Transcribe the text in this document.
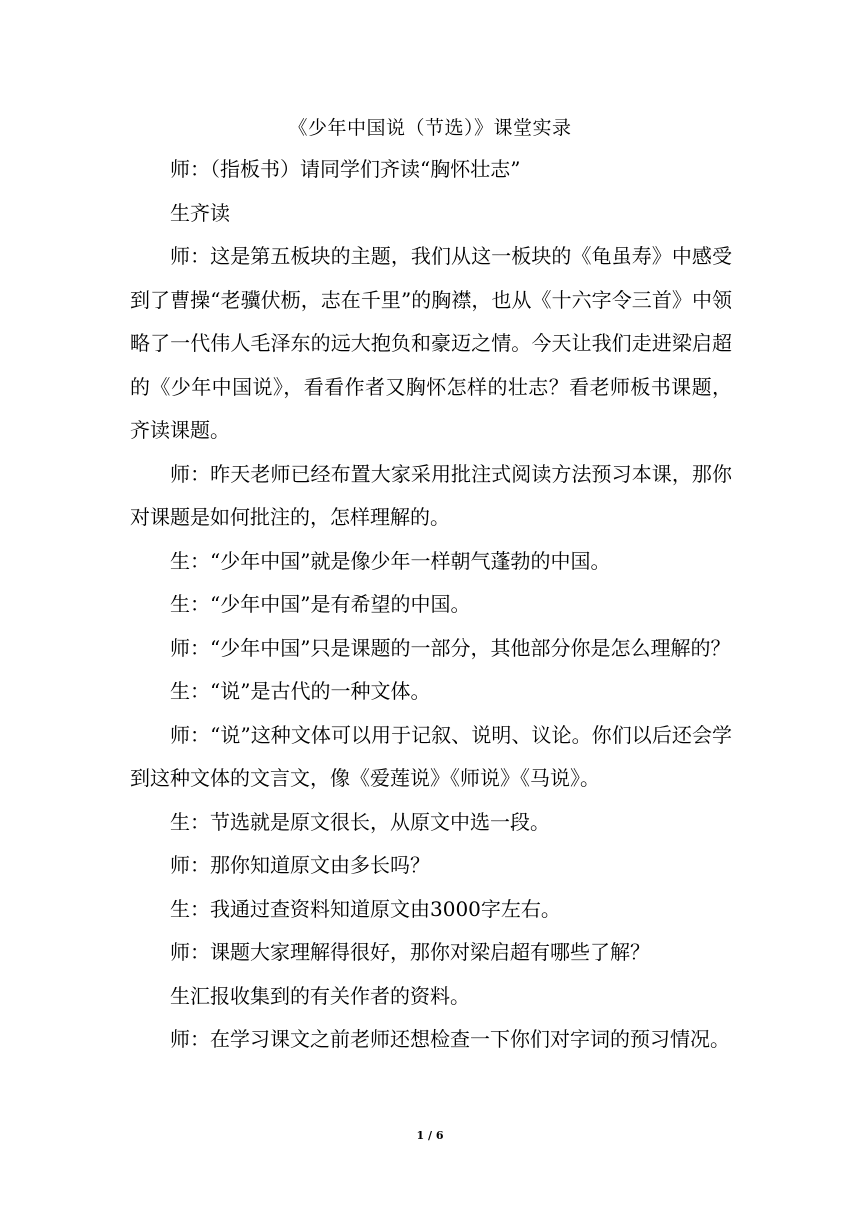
《少年中国说（节选）》课堂实录

师：（指板书）请同学们齐读“胸怀壮志”

生齐读

师：这是第五板块的主题，我们从这一板块的《龟虽寿》中感受到了曹操“老骥伏枥，志在千里”的胸襟，也从《十六字令三首》中领略了一代伟人毛泽东的远大抱负和豪迈之情。今天让我们走进梁启超的《少年中国说》，看看作者又胸怀怎样的壮志？看老师板书课题，齐读课题。

师：昨天老师已经布置大家采用批注式阅读方法预习本课，那你对课题是如何批注的，怎样理解的。

生：“少年中国”就是像少年一样朝气蓬勃的中国。

生：“少年中国”是有希望的中国。

师：“少年中国”只是课题的一部分，其他部分你是怎么理解的？

生：“说”是古代的一种文体。

师：“说”这种文体可以用于记叙、说明、议论。你们以后还会学到这种文体的文言文，像《爱莲说》《师说》《马说》。

生：节选就是原文很长，从原文中选一段。

师：那你知道原文由多长吗？

生：我通过查资料知道原文由3000字左右。

师：课题大家理解得很好，那你对梁启超有哪些了解？

生汇报收集到的有关作者的资料。

师：在学习课文之前老师还想检查一下你们对字词的预习情况。

1 / 6
